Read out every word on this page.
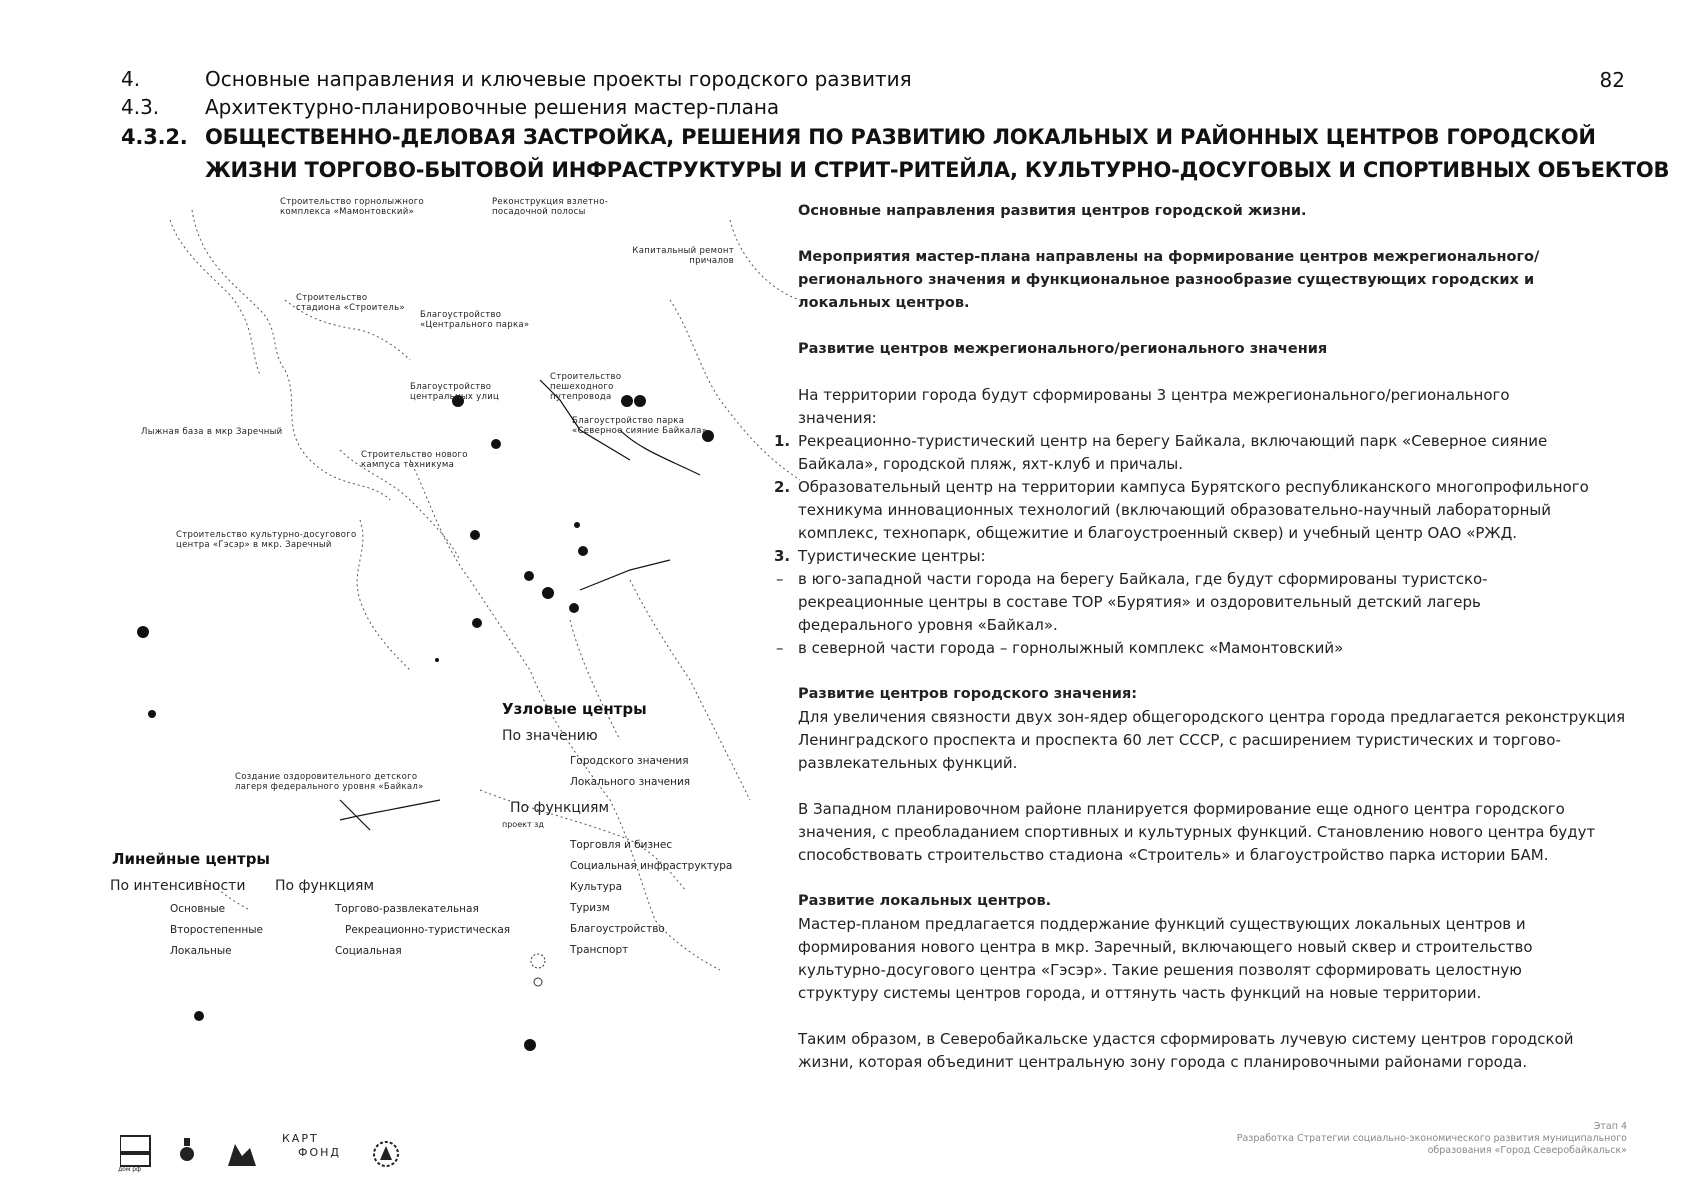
4.	Основные направления и ключевые проекты городского развития
4.3. Архитектурно-планировочные решения мастер-плана
4.3.2. ОБЩЕСТВЕННО-ДЕЛОВАЯ ЗАСТРОЙКА, РЕШЕНИЯ ПО РАЗВИТИЮ ЛОКАЛЬНЫХ И РАЙОННЫХ ЦЕНТРОВ ГОРОДСКОЙ
ЖИЗНИ ТОРГОВО-БЫТОВОЙ ИНФРАСТРУКТУРЫ И СТРИТ-РИТЕЙЛА, КУЛЬТУРНО-ДОСУГОВЫХ И СПОРТИВНЫХ ОБЪЕКТОВ
82
Строительство горнолыжного комплекса «Мамонтовский»
Реконструкция взлетно-посадочной полосы
Капитальный ремонт причалов
Строительство стадиона «Строитель»
Благоустройство «Центрального парка»
Строительство пешеходного путепровода
Благоустройство центральных улиц
Благоустройство парка «Северное сияние Байкала»
Лыжная база в мкр Заречный
Строительство нового кампуса техникума
Строительство культурно-досугового центра «Гэсэр» в мкр. Заречный
Создание оздоровительного детского лагеря федерального уровня «Байкал»
Узловые центры
По значению
Городского значения
Локального значения
По функциям
проект зд
Торговля и бизнес
Социальная инфраструктура
Культура
Туризм
Благоустройство
Транспорт
Линейные центры
По интенсивности По функциям
Основные
Второстепенные
Локальные
Торгово-развлекательная
Рекреационно-туристическая
Социальная

Основные направления развития центров городской жизни.

Мероприятия мастер-плана направлены на формирование центров межрегионального/регионального значения и функциональное разнообразие существующих городских и локальных центров.

Развитие центров межрегионального/регионального значения

На территории города будут сформированы 3 центра межрегионального/регионального значения:

1. Рекреационно-туристический центр на берегу Байкала, включающий парк «Северное сияние Байкала», городской пляж, яхт-клуб и причалы.
2. Образовательный центр на территории кампуса Бурятского республиканского многопрофильного техникума инновационных технологий (включающий образовательно-научный лабораторный комплекс, технопарк, общежитие и благоустроенный сквер) и учебный центр ОАО «РЖД.
3. Туристические центры:
– в юго-западной части города на берегу Байкала, где будут сформированы туристско-рекреационные центры в составе ТОР «Бурятия» и оздоровительный детский лагерь федерального уровня «Байкал».
– в северной части города – горнолыжный комплекс «Мамонтовский»

Развитие центров городского значения:

Для увеличения связности двух зон-ядер общегородского центра города предлагается реконструкция Ленинградского проспекта и проспекта 60 лет СССР, с расширением туристических и торгово-развлекательных функций.

В Западном планировочном районе планируется формирование еще одного центра городского значения, с преобладанием спортивных и культурных функций. Становлению нового центра будут способствовать строительство стадиона «Строитель» и благоустройство парка истории БАМ.

Развитие локальных центров.

Мастер-планом предлагается поддержание функций существующих локальных центров и формирования нового центра в мкр. Заречный, включающего новый сквер и строительство культурно-досугового центра «Гэсэр». Такие решения позволят сформировать целостную структуру системы центров города, и оттянуть часть функций на новые территории.

Таким образом, в Северобайкальске удастся сформировать лучевую систему центров городской жизни, которая объединит центральную зону города с планировочными районами города.

дом рф
КАРТ
ФОНД
Этап 4
Разработка Стратегии социально-экономического развития муниципального
образования «Город Северобайкальск»
